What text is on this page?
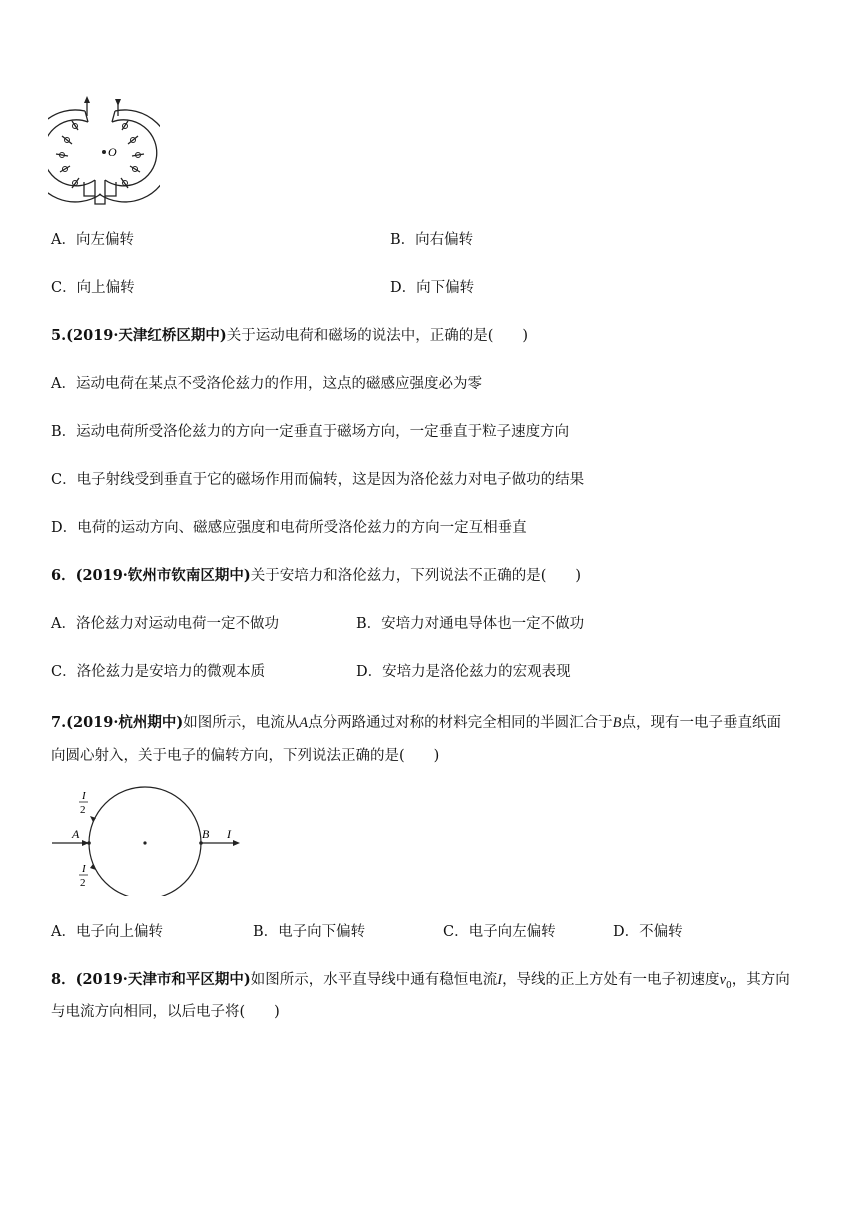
O
A．向左偏转	B．向右偏转
C．向上偏转	D．向下偏转
5.(2019·天津红桥区期中)关于运动电荷和磁场的说法中，正确的是(　　)
A．运动电荷在某点不受洛伦兹力的作用，这点的磁感应强度必为零
B．运动电荷所受洛伦兹力的方向一定垂直于磁场方向，一定垂直于粒子速度方向
C．电子射线受到垂直于它的磁场作用而偏转，这是因为洛伦兹力对电子做功的结果
D．电荷的运动方向、磁感应强度和电荷所受洛伦兹力的方向一定互相垂直
6．(2019·钦州市钦南区期中)关于安培力和洛伦兹力，下列说法不正确的是(　　)
A．洛伦兹力对运动电荷一定不做功	B．安培力对通电导体也一定不做功
C．洛伦兹力是安培力的微观本质	D．安培力是洛伦兹力的宏观表现
7.(2019·杭州期中)如图所示，电流从A点分两路通过对称的材料完全相同的半圆汇合于B点，现有一电子垂直纸面
向圆心射入，关于电子的偏转方向，下列说法正确的是(　　)
A	B I
I
2
I
2
A．电子向上偏转	B．电子向下偏转	C．电子向左偏转	D．不偏转
8．(2019·天津市和平区期中)如图所示，水平直导线中通有稳恒电流I，导线的正上方处有一电子初速度$v_0$，其方向
与电流方向相同，以后电子将(　　)
